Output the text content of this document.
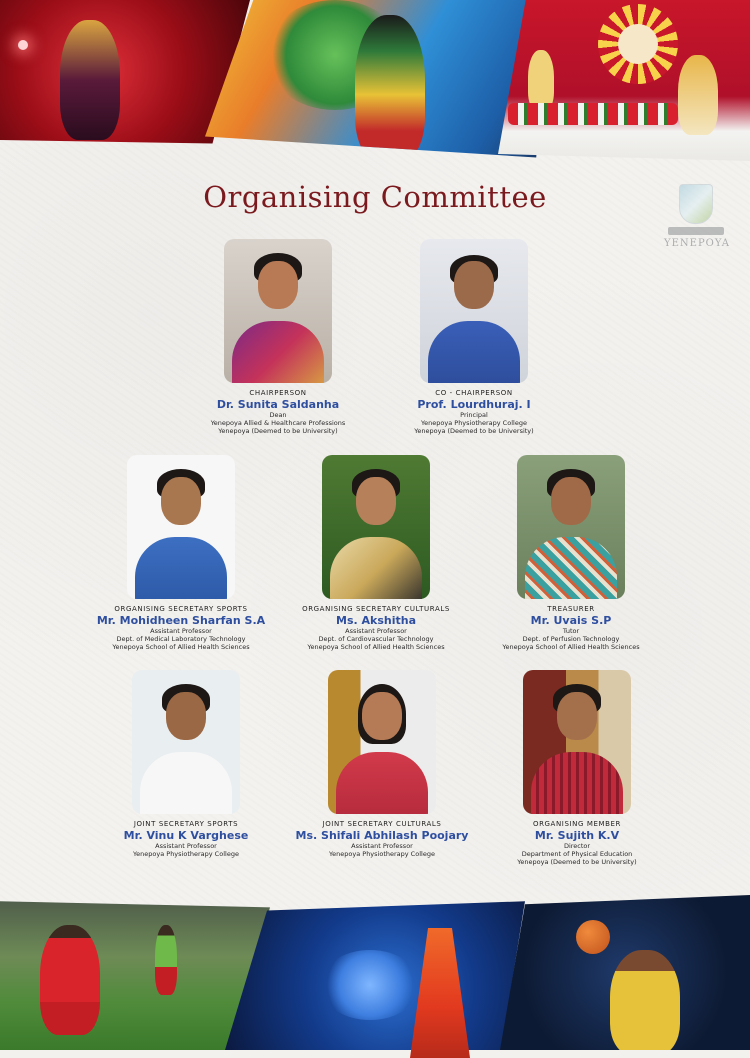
Organising Committee
YENEPOYA
CHAIRPERSON
Dr. Sunita Saldanha
Dean
Yenepoya Allied & Healthcare Professions
Yenepoya (Deemed to be University)
CO - CHAIRPERSON
Prof. Lourdhuraj. I
Principal
Yenepoya Physiotherapy College
Yenepoya (Deemed to be University)
ORGANISING SECRETARY SPORTS
Mr. Mohidheen Sharfan S.A
Assistant Professor
Dept. of Medical Laboratory Technology
Yenepoya School of Allied Health Sciences
ORGANISING SECRETARY CULTURALS
Ms. Akshitha
Assistant Professor
Dept. of Cardiovascular Technology
Yenepoya School of Allied Health Sciences
TREASURER
Mr. Uvais S.P
Tutor
Dept. of Perfusion Technology
Yenepoya School of Allied Health Sciences
JOINT SECRETARY SPORTS
Mr. Vinu K Varghese
Assistant Professor
Yenepoya Physiotherapy College
JOINT SECRETARY CULTURALS
Ms. Shifali Abhilash Poojary
Assistant Professor
Yenepoya Physiotherapy College
ORGANISING MEMBER
Mr. Sujith K.V
Director
Department of Physical Education
Yenepoya (Deemed to be University)
